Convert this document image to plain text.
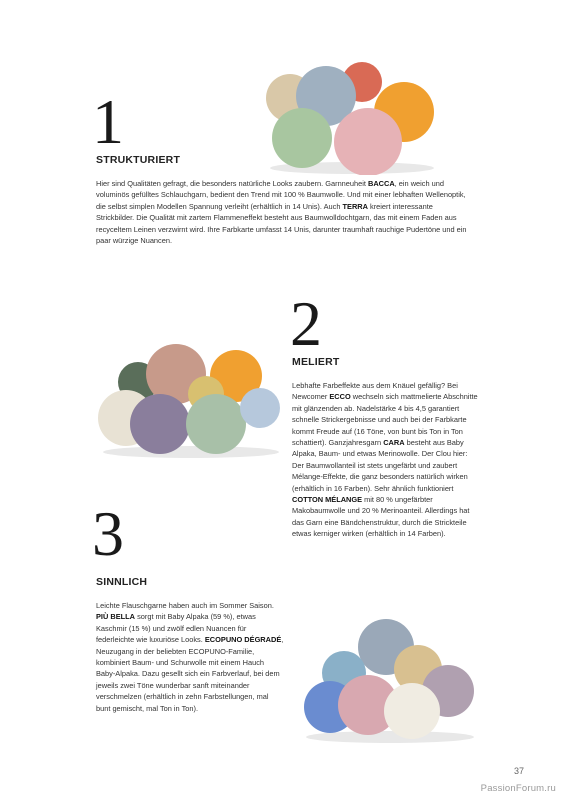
1
STRUKTURIERT

Hier sind Qualitäten gefragt, die besonders natürliche Looks zaubern. Garnneuheit BACCA, ein weich und voluminös gefülltes Schlauchgarn, bedient den Trend mit 100 % Baumwolle. Und mit einer lebhaften Wellenoptik, die selbst simplen Modellen Spannung verleiht (erhältlich in 14 Unis). Auch TERRA kreiert interessante Strickbilder. Die Qualität mit zartem Flammeneffekt besteht aus Baumwolldochtgarn, das mit einem Faden aus recyceltem Leinen verzwirnt wird. Ihre Farbkarte umfasst 14 Unis, darunter traumhaft rauchige Pudertöne und ein paar würzige Nuancen.

2
MELIERT

Lebhafte Farbeffekte aus dem Knäuel gefällig? Bei Newcomer ECCO wechseln sich mattmelierte Abschnitte mit glänzenden ab. Nadelstärke 4 bis 4,5 garantiert schnelle Strickergebnisse und auch bei der Farbkarte kommt Freude auf (16 Töne, von bunt bis Ton in Ton schattiert). Ganzjahresgarn CARA besteht aus Baby Alpaka, Baum- und etwas Merinowolle. Der Clou hier: Der Baumwollanteil ist stets ungefärbt und zaubert Mélange-Effekte, die ganz besonders natürlich wirken (erhältlich in 16 Farben). Sehr ähnlich funktioniert COTTON MÉLANGE mit 80 % ungefärbter Makobaumwolle und 20 % Merinoanteil. Allerdings hat das Garn eine Bändchenstruktur, durch die Strickteile etwas kerniger wirken (erhältlich in 14 Farben).

3
SINNLICH

Leichte Flauschgarne haben auch im Sommer Saison. PIÙ BELLA sorgt mit Baby Alpaka (59 %), etwas Kaschmir (15 %) und zwölf edlen Nuancen für federleichte wie luxuriöse Looks. ECOPUNO DÉGRADÉ, Neuzugang in der beliebten ECOPUNO-Familie, kombiniert Baum- und Schurwolle mit einem Hauch Baby-Alpaka. Dazu gesellt sich ein Farbverlauf, bei dem jeweils zwei Töne wunderbar sanft miteinander verschmelzen (erhältlich in zehn Farbstellungen, mal bunt gemischt, mal Ton in Ton).

37
PassionForum.ru
